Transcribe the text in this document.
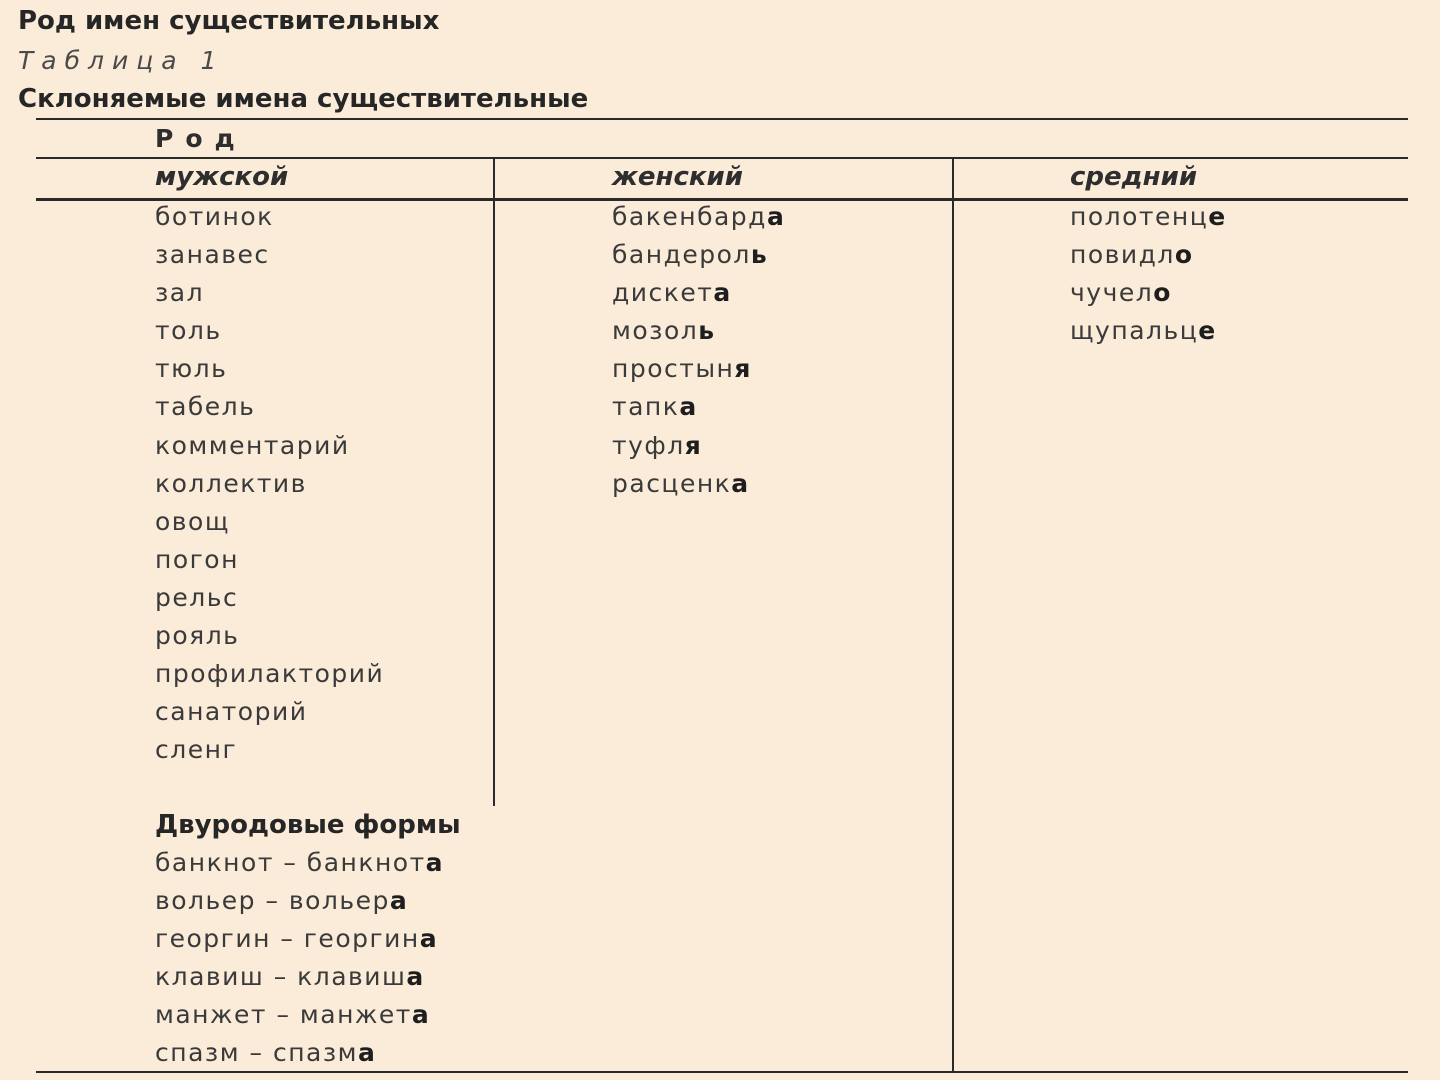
Род имен существительных
Таблица 1
Склоняемые имена существительные
Род
мужской	женский	средний
ботинок
занавес
зал
толь
тюль
табель
комментарий
коллектив
овощ
погон
рельс
рояль
профилакторий
санаторий
сленг
бакенбарда
бандероль
дискета
мозоль
простыня
тапка
туфля
расценка
полотенце
повидло
чучело
щупальце
Двуродовые формы
банкнот – банкнота
вольер – вольера
георгин – георгина
клавиш – клавиша
манжет – манжета
спазм – спазма
